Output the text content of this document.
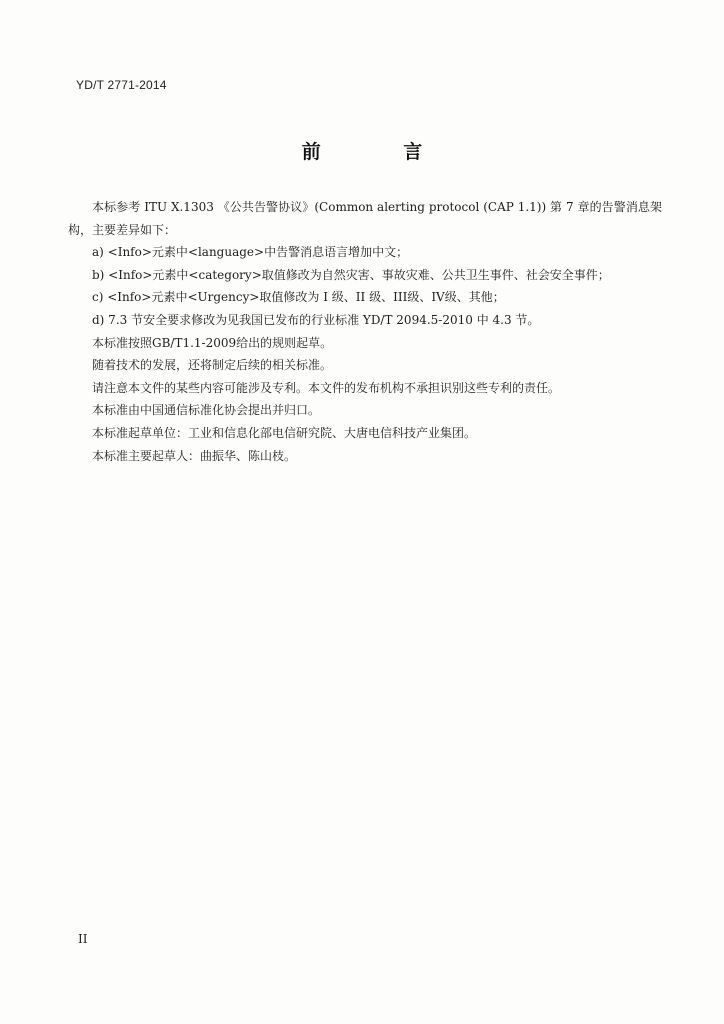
YD/T 2771-2014
前 言

本标参考 ITU X.1303 《公共告警协议》(Common alerting protocol (CAP 1.1)) 第 7 章的告警消息架构，主要差异如下：

a) <Info>元素中<language>中告警消息语言增加中文；

b) <Info>元素中<category>取值修改为自然灾害、事故灾难、公共卫生事件、社会安全事件；

c) <Info>元素中<Urgency>取值修改为 I 级、II 级、III级、IV级、其他；

d) 7.3 节安全要求修改为见我国已发布的行业标准 YD/T 2094.5-2010 中 4.3 节。

本标准按照GB/T1.1-2009给出的规则起草。

随着技术的发展，还将制定后续的相关标准。

请注意本文件的某些内容可能涉及专利。本文件的发布机构不承担识别这些专利的责任。

本标准由中国通信标准化协会提出并归口。

本标准起草单位：工业和信息化部电信研究院、大唐电信科技产业集团。

本标准主要起草人：曲振华、陈山枝。

II
